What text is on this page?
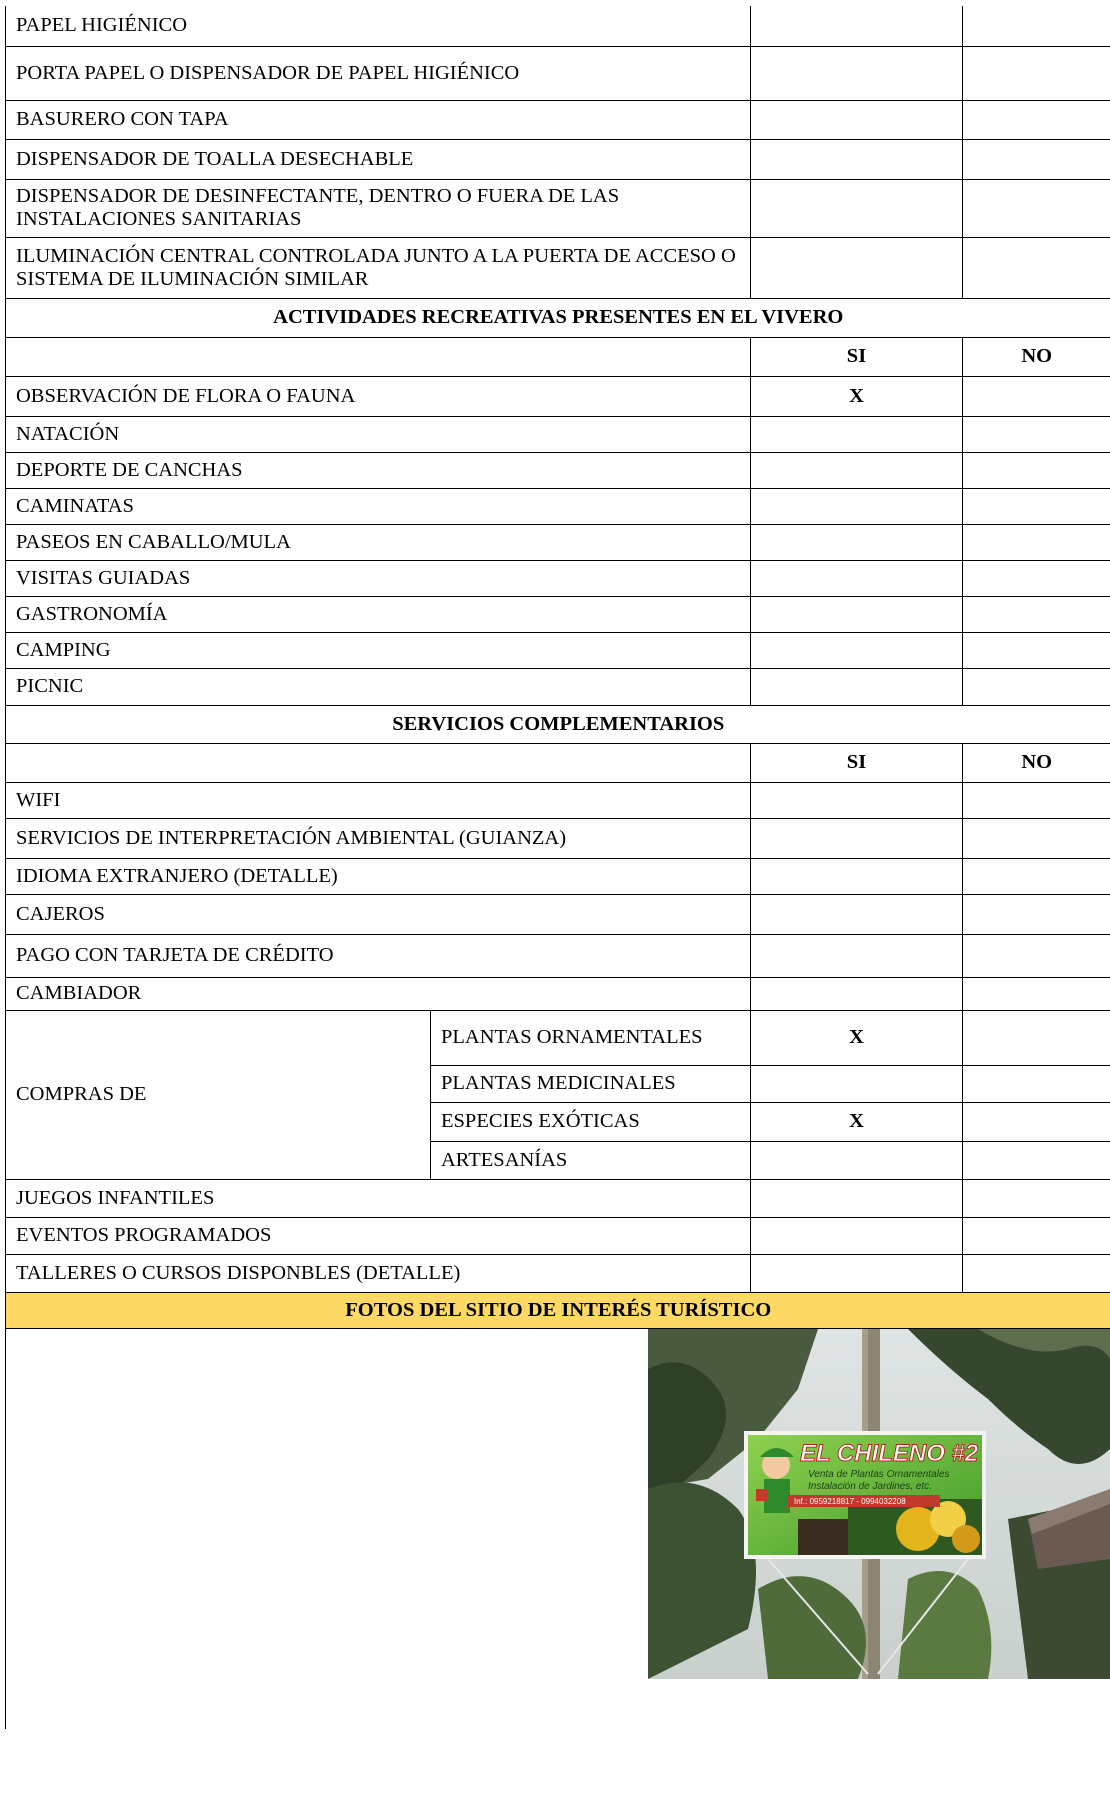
PAPEL HIGIÉNICO			
PORTA PAPEL O DISPENSADOR DE PAPEL HIGIÉNICO			
BASURERO CON TAPA			
DISPENSADOR DE TOALLA DESECHABLE			
DISPENSADOR DE DESINFECTANTE, DENTRO O FUERA DE LAS INSTALACIONES SANITARIAS			
ILUMINACIÓN CENTRAL CONTROLADA JUNTO A LA PUERTA DE ACCESO O SISTEMA DE ILUMINACIÓN SIMILAR			
ACTIVIDADES RECREATIVAS PRESENTES EN EL VIVERO			
		SI	NO
OBSERVACIÓN DE FLORA O FAUNA		X	
NATACIÓN			
DEPORTE DE CANCHAS			
CAMINATAS			
PASEOS EN CABALLO/MULA			
VISITAS GUIADAS			
GASTRONOMÍA			
CAMPING			
PICNIC			
SERVICIOS COMPLEMENTARIOS			
		SI	NO
WIFI			
SERVICIOS DE INTERPRETACIÓN AMBIENTAL (GUIANZA)			
IDIOMA EXTRANJERO (DETALLE)			
CAJEROS			
PAGO CON TARJETA DE CRÉDITO			
CAMBIADOR			
COMPRAS DE	PLANTAS ORNAMENTALES	X	
	PLANTAS MEDICINALES		
	ESPECIES EXÓTICAS	X	
	ARTESANÍAS		
JUEGOS INFANTILES			
EVENTOS PROGRAMADOS			
TALLERES O CURSOS DISPONBLES (DETALLE)			
FOTOS DEL SITIO DE INTERÉS TURÍSTICO			
EL CHILENO #2
Venta de Plantas Ornamentales
Instalación de Jardines, etc.
Inf.: 0959218817 - 0994032208
